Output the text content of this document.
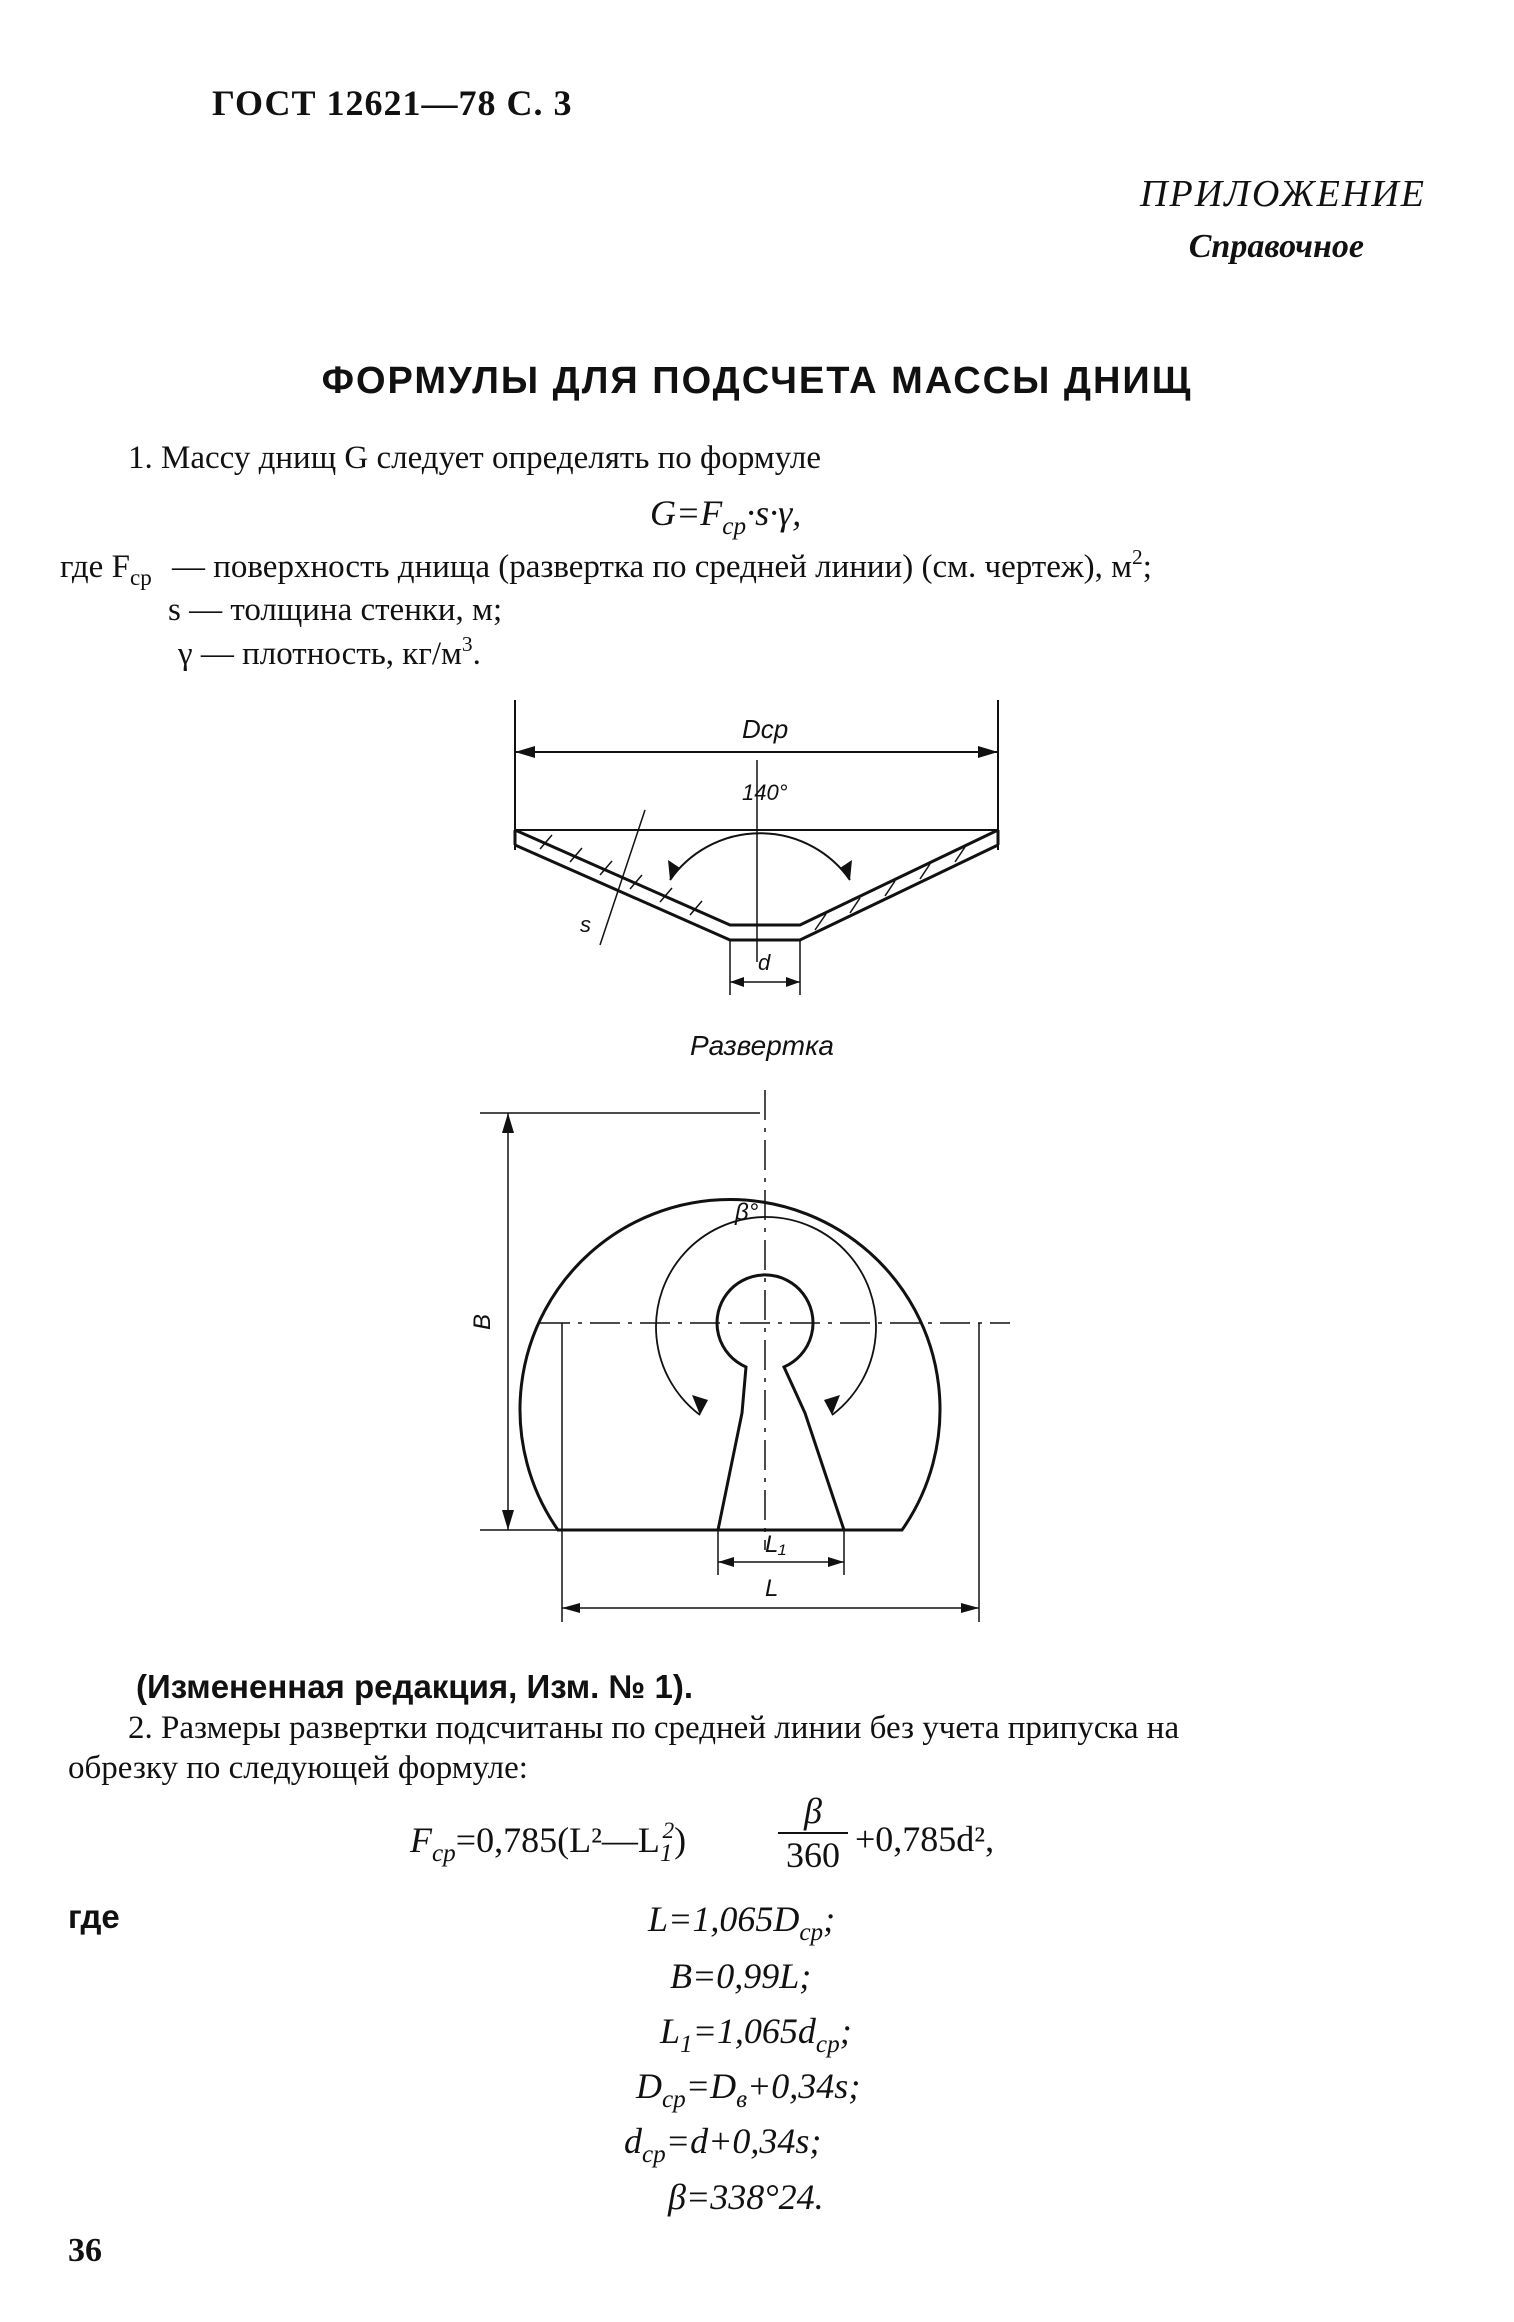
ГОСТ 12621—78 С. 3
ПРИЛОЖЕНИЕ
Справочное
ФОРМУЛЫ ДЛЯ ПОДСЧЕТА МАССЫ ДНИЩ
1. Массу днищ G следует определять по формуле
$G=F_{ср}\cdot s\cdot\gamma$,
где $F_{ср}$ — поверхность днища (развертка по средней линии) (см. чертеж), $м^2$;
s — толщина стенки, м;
γ — плотность, $кг/м^3$.
Dср
140°
s
d
Развертка
B
β°
L₁
L
(Измененная редакция, Изм. № 1).
2. Размеры развертки подсчитаны по средней линии без учета припуска на
обрезку по следующей формуле:
$F_{ср}=0,785(L^2—L_1^2)$	$\frac{\beta}{360} +0,785d^2$,
где	$L=1,065D_{ср}$;
B=0,99L;
$L_1=1,065d_{ср}$;
$D_{ср}=D_в+0,34s$;
$d_{ср}=d+0,34s$;
β=338°24.
36
